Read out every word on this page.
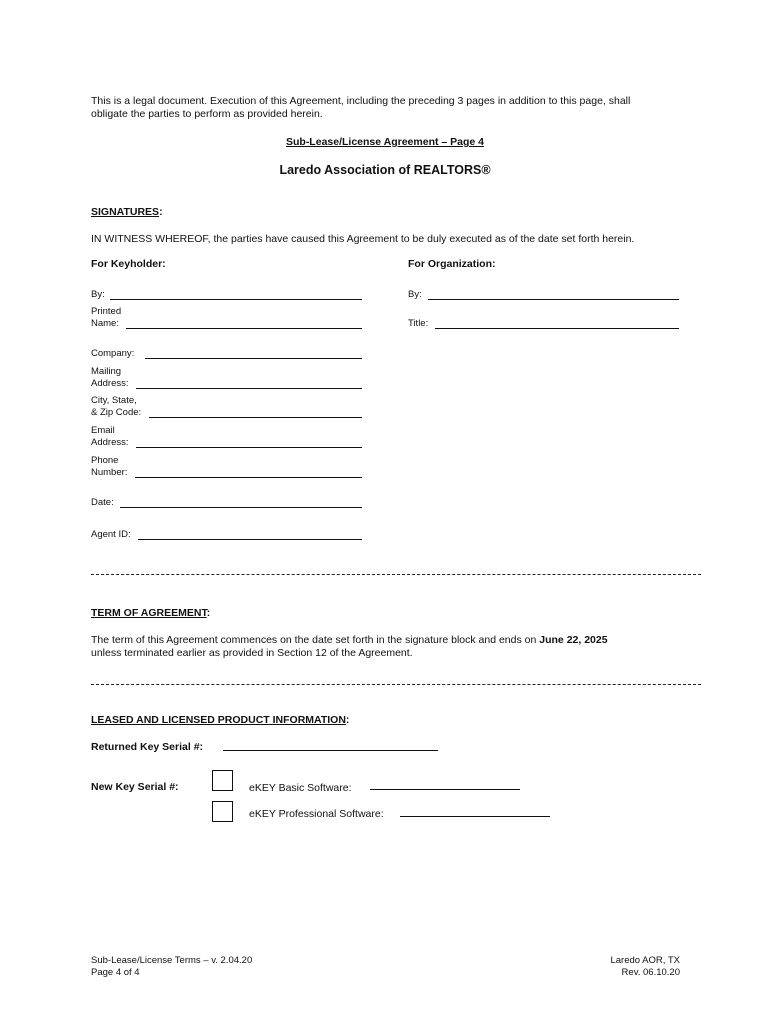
This is a legal document. Execution of this Agreement, including the preceding 3 pages in addition to this page, shall
obligate the parties to perform as provided herein.
Sub-Lease/License Agreement – Page 4
Laredo Association of REALTORS®
SIGNATURES:
IN WITNESS WHEREOF, the parties have caused this Agreement to be duly executed as of the date set forth herein.
For Keyholder:	For Organization:
By:
Printed
Name:
Company:
Mailing
Address:
City, State,
& Zip Code:
Email
Address:
Phone
Number:
Date:
Agent ID:
By:
Title:
TERM OF AGREEMENT:
The term of this Agreement commences on the date set forth in the signature block and ends on June 22, 2025
unless terminated earlier as provided in Section 12 of the Agreement.
LEASED AND LICENSED PRODUCT INFORMATION:
Returned Key Serial #:
New Key Serial #:	eKEY Basic Software:
eKEY Professional Software:
Sub-Lease/License Terms – v. 2.04.20
Page 4 of 4
Laredo AOR, TX
Rev. 06.10.20
